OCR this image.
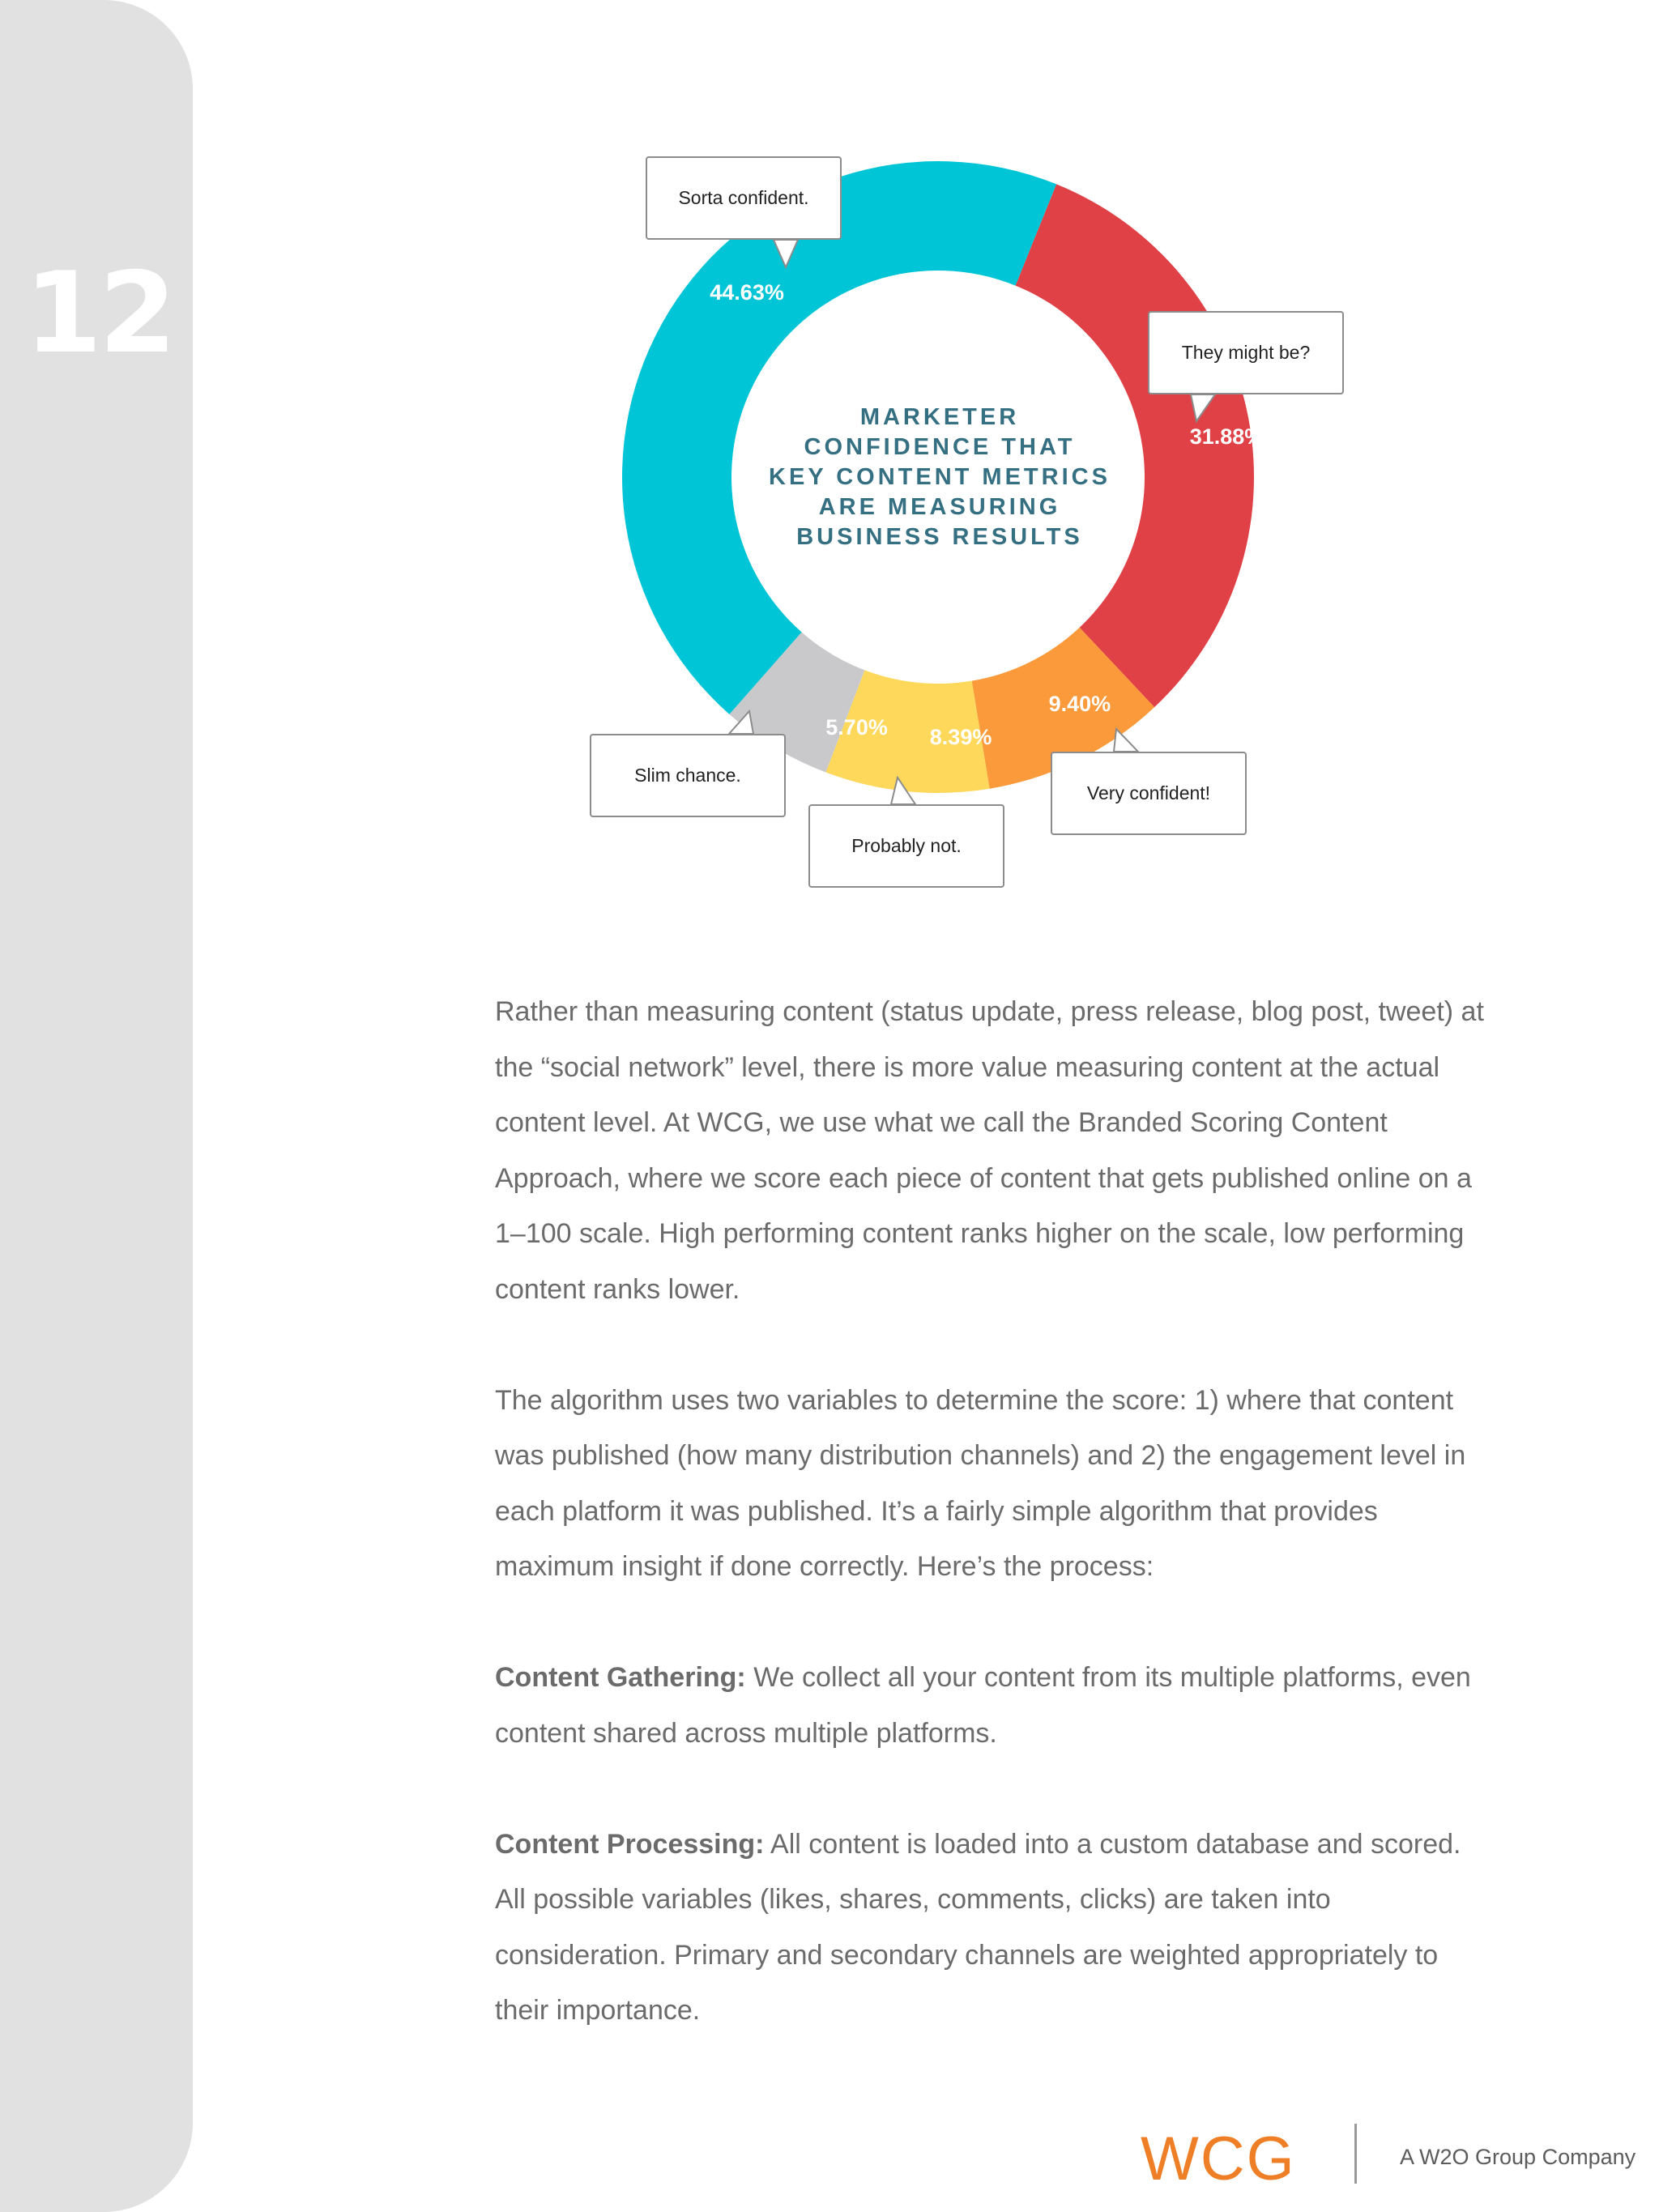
12
31.88%
9.40%
8.39%
5.70%
44.63%
MARKETER
CONFIDENCE THAT
KEY CONTENT METRICS
ARE MEASURING
BUSINESS RESULTS
Sorta confident.
They might be?
Slim chance.
Probably not.
Very confident!

Rather than measuring content (status update, press release, blog post, tweet) at the “social network” level, there is more value measuring content at the actual content level. At WCG, we use what we call the Branded Scoring Content Approach, where we score each piece of content that gets published online on a 1–100 scale. High performing content ranks higher on the scale, low performing content ranks lower.

The algorithm uses two variables to determine the score: 1) where that content was published (how many distribution channels) and 2) the engagement level in each platform it was published. It’s a fairly simple algorithm that provides maximum insight if done correctly. Here’s the process:

Content Gathering: We collect all your content from its multiple platforms, even content shared across multiple platforms.

Content Processing: All content is loaded into a custom database and scored. All possible variables (likes, shares, comments, clicks) are taken into consideration. Primary and secondary channels are weighted appropriately to their importance.

WCG	A W2O Group Company
